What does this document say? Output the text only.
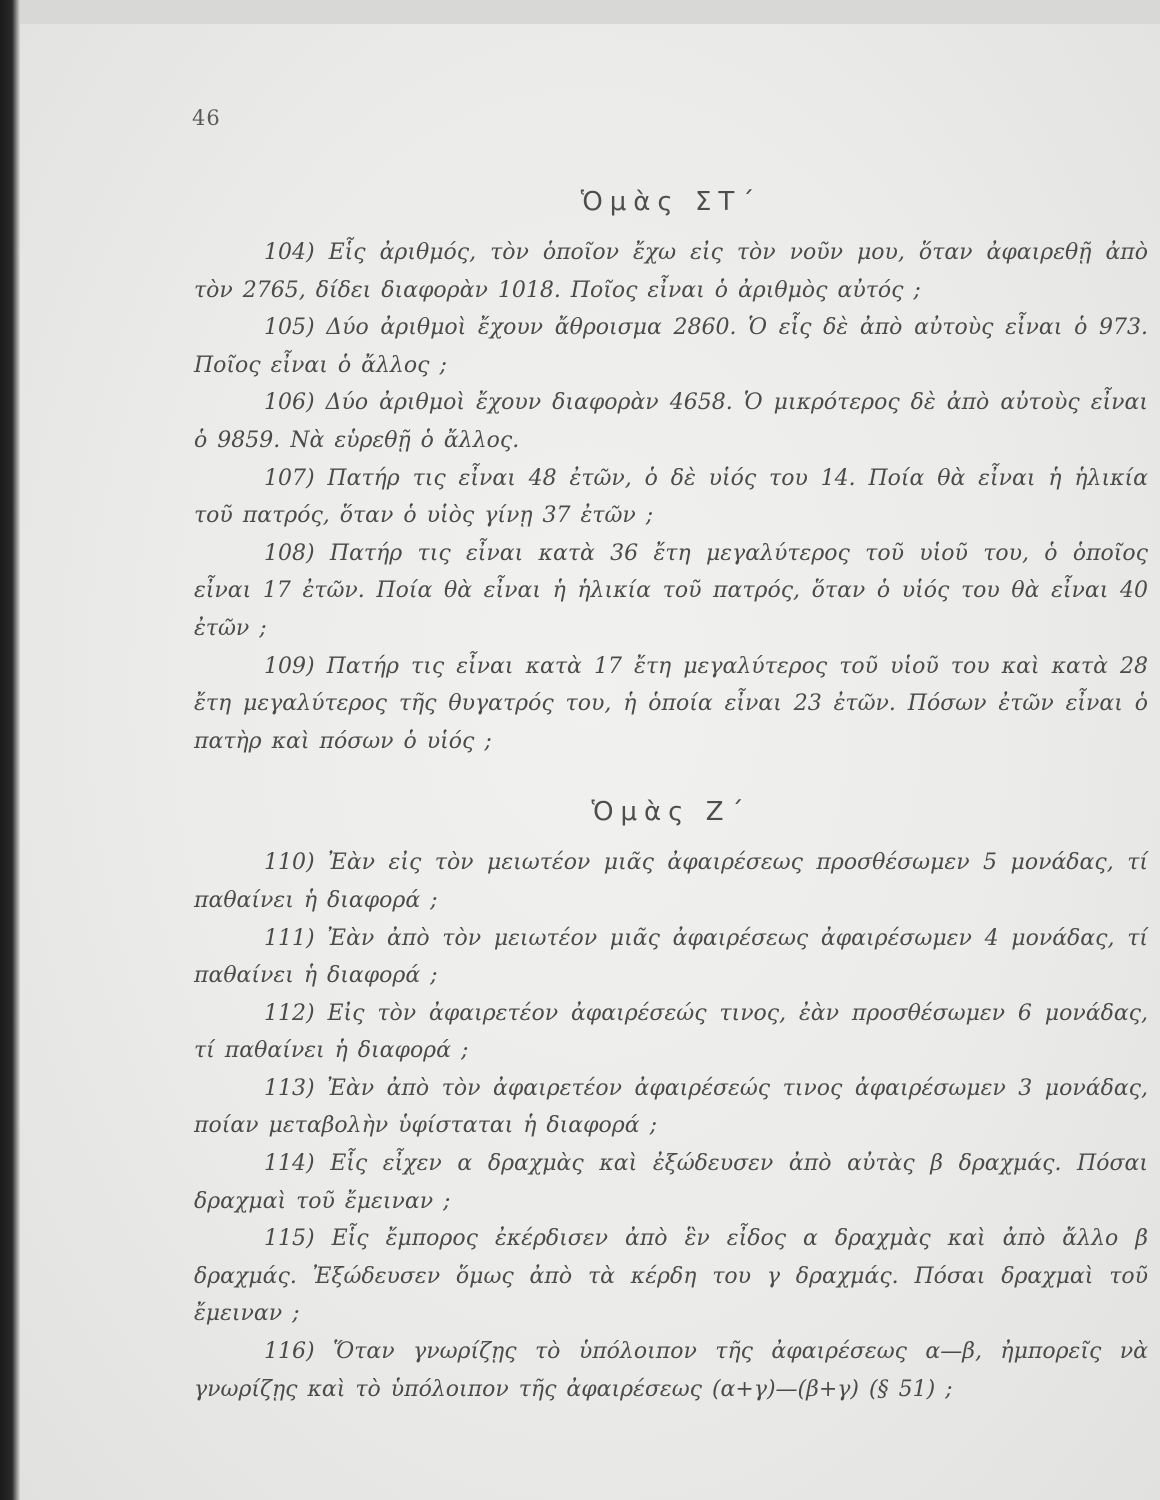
46
Ὁμὰς ΣΤ΄

104) Εἷς ἀριθμός, τὸν ὁποῖον ἔχω εἰς τὸν νοῦν μου, ὅταν ἀφαιρεθῇ ἀπὸ τὸν 2765, δίδει διαφορὰν 1018. Ποῖος εἶναι ὁ ἀριθμὸς αὐτός ;

105) Δύο ἀριθμοὶ ἔχουν ἄθροισμα 2860. Ὁ εἷς δὲ ἀπὸ αὐτοὺς εἶναι ὁ 973. Ποῖος εἶναι ὁ ἄλλος ;

106) Δύο ἀριθμοὶ ἔχουν διαφορὰν 4658. Ὁ μικρότερος δὲ ἀπὸ αὐτοὺς εἶναι ὁ 9859. Νὰ εὑρεθῇ ὁ ἄλλος.

107) Πατήρ τις εἶναι 48 ἐτῶν, ὁ δὲ υἱός του 14. Ποία θὰ εἶναι ἡ ἡλικία τοῦ πατρός, ὅταν ὁ υἱὸς γίνῃ 37 ἐτῶν ;

108) Πατήρ τις εἶναι κατὰ 36 ἔτη μεγαλύτερος τοῦ υἱοῦ του, ὁ ὁποῖος εἶναι 17 ἐτῶν. Ποία θὰ εἶναι ἡ ἡλικία τοῦ πατρός, ὅταν ὁ υἱός του θὰ εἶναι 40 ἐτῶν ;

109) Πατήρ τις εἶναι κατὰ 17 ἔτη μεγαλύτερος τοῦ υἱοῦ του καὶ κατὰ 28 ἔτη μεγαλύτερος τῆς θυγατρός του, ἡ ὁποία εἶναι 23 ἐτῶν. Πόσων ἐτῶν εἶναι ὁ πατὴρ καὶ πόσων ὁ υἱός ;

Ὁμὰς Ζ΄

110) Ἐὰν εἰς τὸν μειωτέον μιᾶς ἀφαιρέσεως προσθέσωμεν 5 μονάδας, τί παθαίνει ἡ διαφορά ;

111) Ἐὰν ἀπὸ τὸν μειωτέον μιᾶς ἀφαιρέσεως ἀφαιρέσωμεν 4 μονάδας, τί παθαίνει ἡ διαφορά ;

112) Εἰς τὸν ἀφαιρετέον ἀφαιρέσεώς τινος, ἐὰν προσθέσωμεν 6 μονάδας, τί παθαίνει ἡ διαφορά ;

113) Ἐὰν ἀπὸ τὸν ἀφαιρετέον ἀφαιρέσεώς τινος ἀφαιρέσωμεν 3 μονάδας, ποίαν μεταβολὴν ὑφίσταται ἡ διαφορά ;

114) Εἷς εἶχεν α δραχμὰς καὶ ἐξώδευσεν ἀπὸ αὐτὰς β δραχμάς. Πόσαι δραχμαὶ τοῦ ἔμειναν ;

115) Εἷς ἔμπορος ἐκέρδισεν ἀπὸ ἓν εἶδος α δραχμὰς καὶ ἀπὸ ἄλλο β δραχμάς. Ἐξώδευσεν ὅμως ἀπὸ τὰ κέρδη του γ δραχμάς. Πόσαι δραχμαὶ τοῦ ἔμειναν ;

116) Ὅταν γνωρίζῃς τὸ ὑπόλοιπον τῆς ἀφαιρέσεως α—β, ἠμπορεῖς νὰ γνωρίζῃς καὶ τὸ ὑπόλοιπον τῆς ἀφαιρέσεως (α+γ)—(β+γ) (§ 51) ;
